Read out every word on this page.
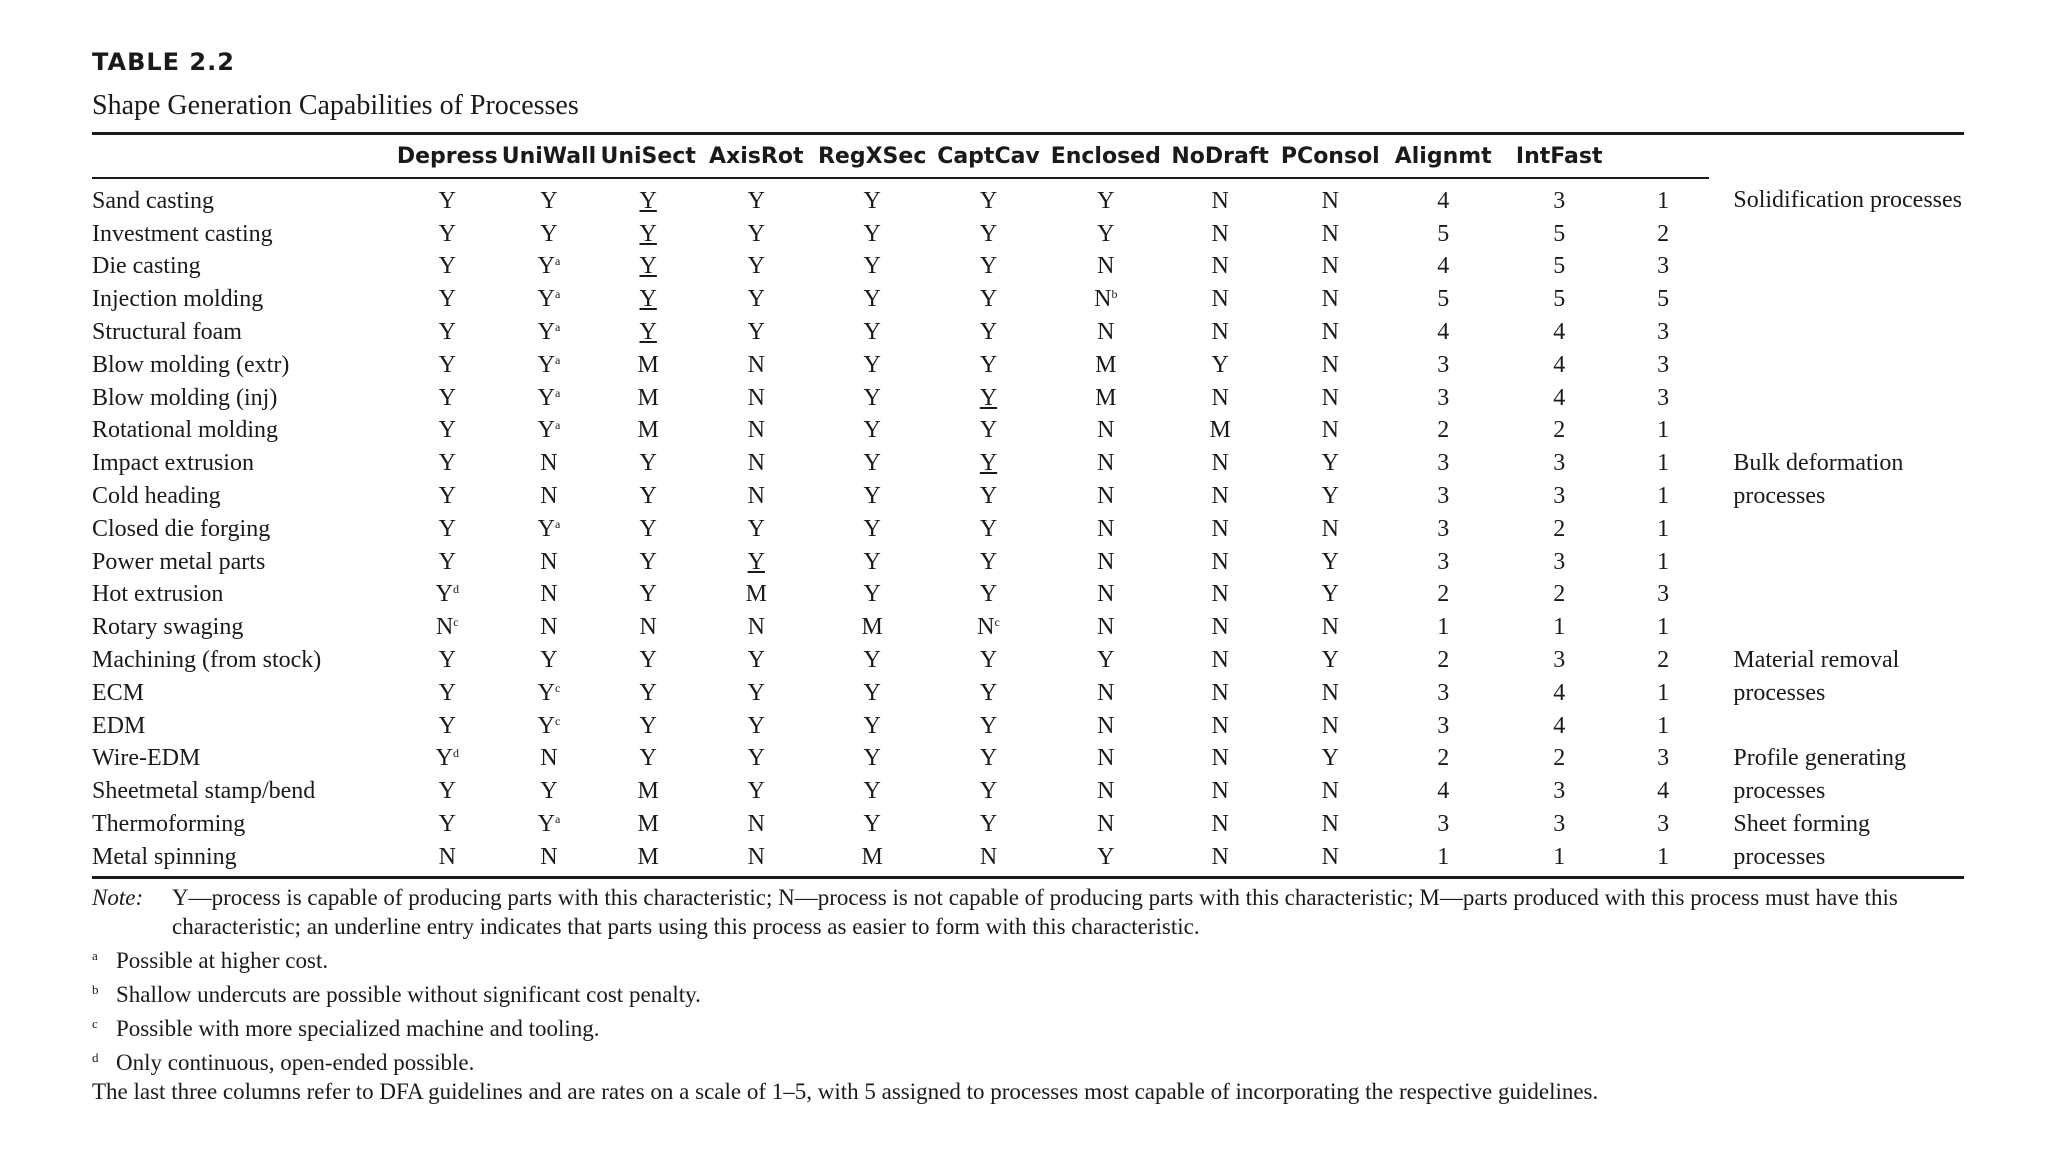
TABLE 2.2
Shape Generation Capabilities of Processes
	Depress	UniWall	UniSect	AxisRot	RegXSec	CaptCav	Enclosed	NoDraft	PConsol	Alignmt	IntFast		
Sand casting	Y	Y	Y	Y	Y	Y	Y	N	N	4	3	1	Solidification processes
Investment casting	Y	Y	Y	Y	Y	Y	Y	N	N	5	5	2	
Die casting	Y	$Y^a$	Y	Y	Y	Y	N	N	N	4	5	3	
Injection molding	Y	$Y^a$	Y	Y	Y	Y	$N^b$	N	N	5	5	5	
Structural foam	Y	$Y^a$	Y	Y	Y	Y	N	N	N	4	4	3	
Blow molding (extr)	Y	$Y^a$	M	N	Y	Y	M	Y	N	3	4	3	
Blow molding (inj)	Y	$Y^a$	M	N	Y	Y	M	N	N	3	4	3	
Rotational molding	Y	$Y^a$	M	N	Y	Y	N	M	N	2	2	1	
Impact extrusion	Y	N	Y	N	Y	Y	N	N	Y	3	3	1	Bulk deformation
Cold heading	Y	N	Y	N	Y	Y	N	N	Y	3	3	1	processes
Closed die forging	Y	$Y^a$	Y	Y	Y	Y	N	N	N	3	2	1	
Power metal parts	Y	N	Y	Y	Y	Y	N	N	Y	3	3	1	
Hot extrusion	$Y^d$	N	Y	M	Y	Y	N	N	Y	2	2	3	
Rotary swaging	$N^c$	N	N	N	M	$N^c$	N	N	N	1	1	1	
Machining (from stock)	Y	Y	Y	Y	Y	Y	Y	N	Y	2	3	2	Material removal
ECM	Y	$Y^c$	Y	Y	Y	Y	N	N	N	3	4	1	processes
EDM	Y	$Y^c$	Y	Y	Y	Y	N	N	N	3	4	1	
Wire-EDM	$Y^d$	N	Y	Y	Y	Y	N	N	Y	2	2	3	Profile generating
Sheetmetal stamp/bend	Y	Y	M	Y	Y	Y	N	N	N	4	3	4	processes
Thermoforming	Y	$Y^a$	M	N	Y	Y	N	N	N	3	3	3	Sheet forming
Metal spinning	N	N	M	N	M	N	Y	N	N	1	1	1	processes
Note: Y—process is capable of producing parts with this characteristic; N—process is not capable of producing parts with this characteristic; M—parts produced with this process must have this characteristic; an underline entry indicates that parts using this process as easier to form with this characteristic.
a Possible at higher cost.
b Shallow undercuts are possible without significant cost penalty.
c Possible with more specialized machine and tooling.
d Only continuous, open-ended possible.
The last three columns refer to DFA guidelines and are rates on a scale of 1–5, with 5 assigned to processes most capable of incorporating the respective guidelines.
